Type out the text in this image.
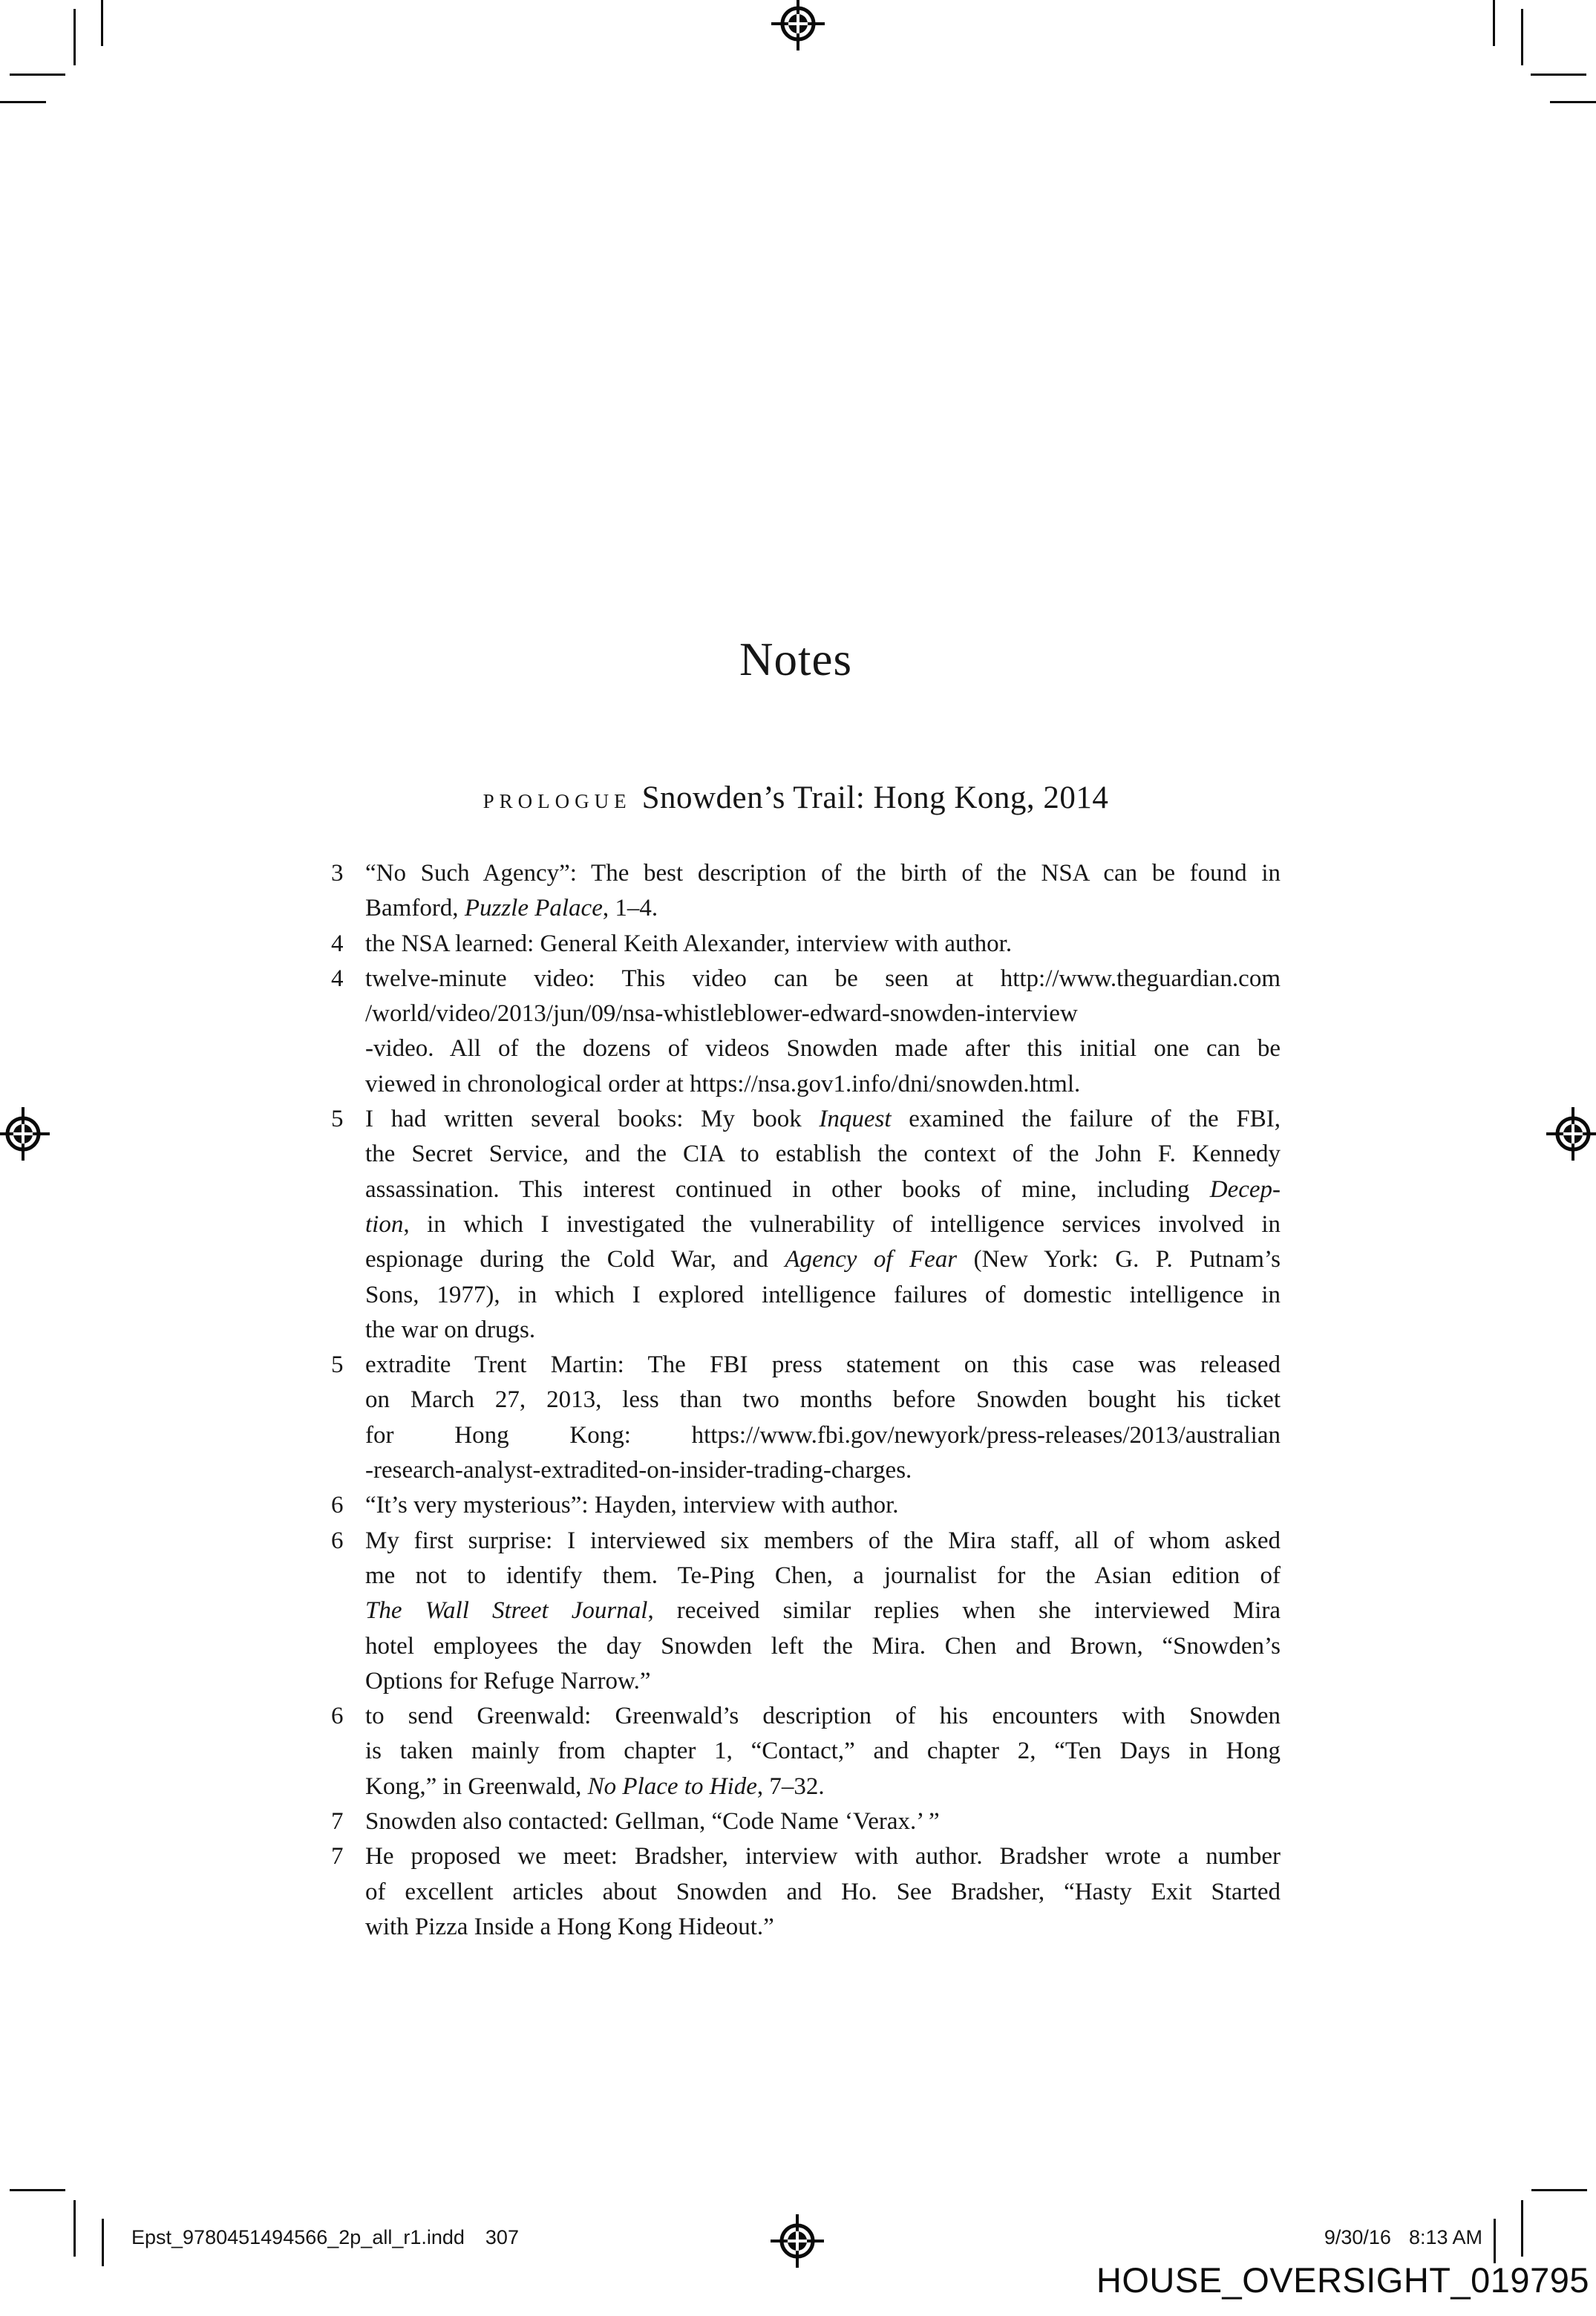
Notes
PROLOGUE Snowden’s Trail: Hong Kong, 2014
3 “No Such Agency”: The best description of the birth of the NSA can be found in
Bamford, Puzzle Palace, 1–4.
4 the NSA learned: General Keith Alexander, interview with author.
4 twelve-minute video: This video can be seen at http://www.theguardian.com
/world/video/2013/jun/09/nsa-whistleblower-edward-snowden-interview
-video. All of the dozens of videos Snowden made after this initial one can be
viewed in chronological order at https://nsa.gov1.info/dni/snowden.html.
5 I had written several books: My book Inquest examined the failure of the FBI,
the Secret Service, and the CIA to establish the context of the John F. Kennedy
assassination. This interest continued in other books of mine, including Decep-
tion, in which I investigated the vulnerability of intelligence services involved in
espionage during the Cold War, and Agency of Fear (New York: G. P. Putnam’s
Sons, 1977), in which I explored intelligence failures of domestic intelligence in
the war on drugs.
5 extradite Trent Martin: The FBI press statement on this case was released
on March 27, 2013, less than two months before Snowden bought his ticket
for Hong Kong: https://www.fbi.gov/newyork/press-releases/2013/australian
-research-analyst-extradited-on-insider-trading-charges.
6 “It’s very mysterious”: Hayden, interview with author.
6 My first surprise: I interviewed six members of the Mira staff, all of whom asked
me not to identify them. Te-Ping Chen, a journalist for the Asian edition of
The Wall Street Journal, received similar replies when she interviewed Mira
hotel employees the day Snowden left the Mira. Chen and Brown, “Snowden’s
Options for Refuge Narrow.”
6 to send Greenwald: Greenwald’s description of his encounters with Snowden
is taken mainly from chapter 1, “Contact,” and chapter 2, “Ten Days in Hong
Kong,” in Greenwald, No Place to Hide, 7–32.
7 Snowden also contacted: Gellman, “Code Name ‘Verax.’ ”
7 He proposed we meet: Bradsher, interview with author. Bradsher wrote a number
of excellent articles about Snowden and Ho. See Bradsher, “Hasty Exit Started
with Pizza Inside a Hong Kong Hideout.”
Epst_9780451494566_2p_all_r1.indd 307	9/30/16 8:13 AM
HOUSE_OVERSIGHT_019795
